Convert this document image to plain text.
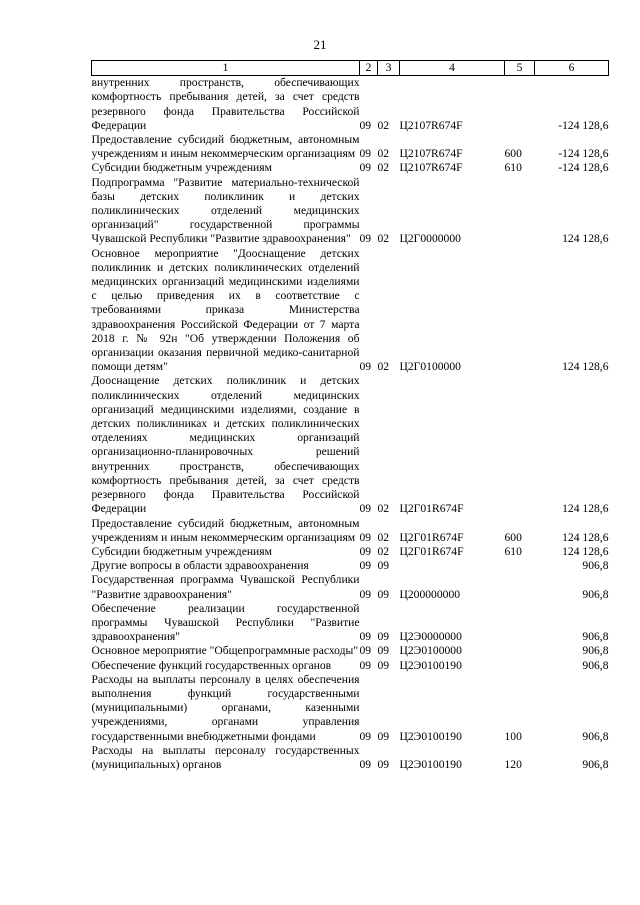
21
1	2	3	4	5	6
внутренних пространств, обеспечивающих комфортность пребывания детей, за счет средств резервного фонда Правительства Российской Федерации	09	02	Ц2107R674F		-124 128,6
Предоставление субсидий бюджетным, автономным учреждениям и иным некоммерческим организациям	09	02	Ц2107R674F	600	-124 128,6
Субсидии бюджетным учреждениям	09	02	Ц2107R674F	610	-124 128,6
Подпрограмма "Развитие материально-технической базы детских поликлиник и детских поликлинических отделений медицинских организаций" государственной программы Чувашской Республики "Развитие здравоохранения"	09	02	Ц2Г0000000		124 128,6
Основное мероприятие "Дооснащение детских поликлиник и детских поликлинических отделений медицинских организаций медицинскими изделиями с целью приведения их в соответствие с требованиями приказа Министерства здравоохранения Российской Федерации от 7 марта 2018 г. № 92н "Об утверждении Положения об организации оказания первичной медико-санитарной помощи детям"	09	02	Ц2Г0100000		124 128,6
Дооснащение детских поликлиник и детских поликлинических отделений медицинских организаций медицинскими изделиями, создание в детских поликлиниках и детских поликлинических отделениях медицинских организаций организационно-планировочных решений внутренних пространств, обеспечивающих комфортность пребывания детей, за счет средств резервного фонда Правительства Российской Федерации	09	02	Ц2Г01R674F		124 128,6
Предоставление субсидий бюджетным, автономным учреждениям и иным некоммерческим организациям	09	02	Ц2Г01R674F	600	124 128,6
Субсидии бюджетным учреждениям	09	02	Ц2Г01R674F	610	124 128,6
Другие вопросы в области здравоохранения	09	09			906,8
Государственная программа Чувашской Республики "Развитие здравоохранения"	09	09	Ц200000000		906,8
Обеспечение реализации государственной программы Чувашской Республики "Развитие здравоохранения"	09	09	Ц2Э0000000		906,8
Основное мероприятие "Общепрограммные расходы"	09	09	Ц2Э0100000		906,8
Обеспечение функций государственных органов	09	09	Ц2Э0100190		906,8
Расходы на выплаты персоналу в целях обеспечения выполнения функций государственными (муниципальными) органами, казенными учреждениями, органами управления государственными внебюджетными фондами	09	09	Ц2Э0100190	100	906,8
Расходы на выплаты персоналу государственных (муниципальных) органов	09	09	Ц2Э0100190	120	906,8
